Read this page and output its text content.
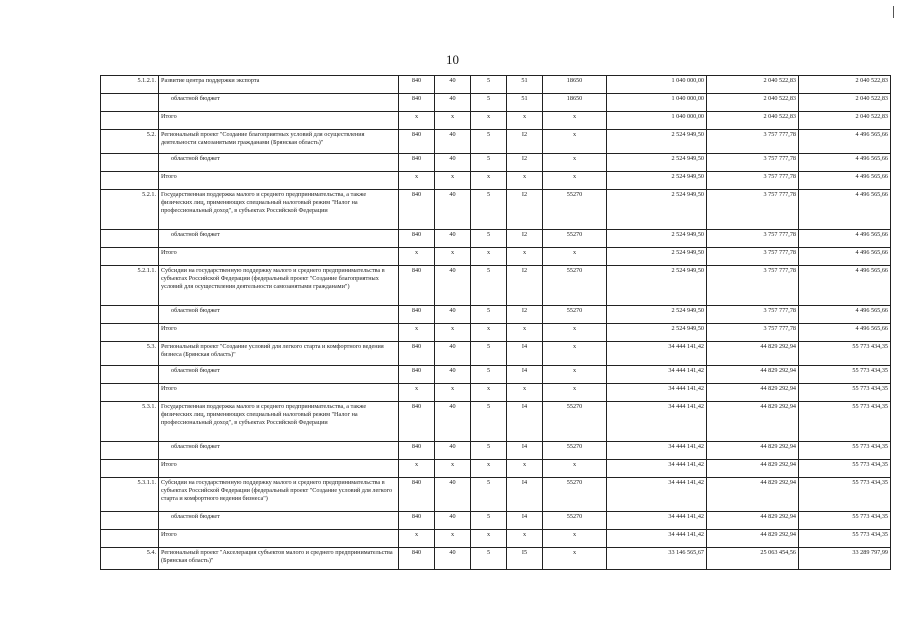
10
5.1.2.1.	Развитие центра поддержки экспорта	840	40	5	51	18650	1 040 000,00	2 040 522,83	2 040 522,83
	областной бюджет	840	40	5	51	18650	1 040 000,00	2 040 522,83	2 040 522,83
	Итого	х	х	х	х	х	1 040 000,00	2 040 522,83	2 040 522,83
5.2.	Региональный проект "Создание благоприятных условий для осуществления деятельности самозанятыми гражданами (Брянская область)"	840	40	5	I2	х	2 524 949,50	3 757 777,78	4 496 565,66
	областной бюджет	840	40	5	I2	х	2 524 949,50	3 757 777,78	4 496 565,66
	Итого	х	х	х	х	х	2 524 949,50	3 757 777,78	4 496 565,66
5.2.1.	Государственная поддержка малого и среднего предпринимательства, а также физических лиц, применяющих специальный налоговый режим "Налог на профессиональный доход", в субъектах Российской Федерации	840	40	5	I2	55270	2 524 949,50	3 757 777,78	4 496 565,66
	областной бюджет	840	40	5	I2	55270	2 524 949,50	3 757 777,78	4 496 565,66
	Итого	х	х	х	х	х	2 524 949,50	3 757 777,78	4 496 565,66
5.2.1.1.	Субсидии на государственную поддержку малого и среднего предпринимательства в субъектах Российской Федерации (федеральный проект "Создание благоприятных условий для осуществления деятельности самозанятыми гражданами")	840	40	5	I2	55270	2 524 949,50	3 757 777,78	4 496 565,66
	областной бюджет	840	40	5	I2	55270	2 524 949,50	3 757 777,78	4 496 565,66
	Итого	х	х	х	х	х	2 524 949,50	3 757 777,78	4 496 565,66
5.3.	Региональный проект "Создание условий для легкого старта и комфортного ведения бизнеса (Брянская область)"	840	40	5	I4	х	34 444 141,42	44 829 292,94	55 773 434,35
	областной бюджет	840	40	5	I4	х	34 444 141,42	44 829 292,94	55 773 434,35
	Итого	х	х	х	х	х	34 444 141,42	44 829 292,94	55 773 434,35
5.3.1.	Государственная поддержка малого и среднего предпринимательства, а также физических лиц, применяющих специальный налоговый режим "Налог на профессиональный доход", в субъектах Российской Федерации	840	40	5	I4	55270	34 444 141,42	44 829 292,94	55 773 434,35
	областной бюджет	840	40	5	I4	55270	34 444 141,42	44 829 292,94	55 773 434,35
	Итого	х	х	х	х	х	34 444 141,42	44 829 292,94	55 773 434,35
5.3.1.1.	Субсидии на государственную поддержку малого и среднего предпринимательства в субъектах Российской Федерации (федеральный проект "Создание условий для легкого старта и комфортного ведения бизнеса")	840	40	5	I4	55270	34 444 141,42	44 829 292,94	55 773 434,35
	областной бюджет	840	40	5	I4	55270	34 444 141,42	44 829 292,94	55 773 434,35
	Итого	х	х	х	х	х	34 444 141,42	44 829 292,94	55 773 434,35
5.4.	Региональный проект "Акселерация субъектов малого и среднего предпринимательства (Брянская область)"	840	40	5	I5	х	33 146 565,67	25 063 454,56	33 289 797,99
